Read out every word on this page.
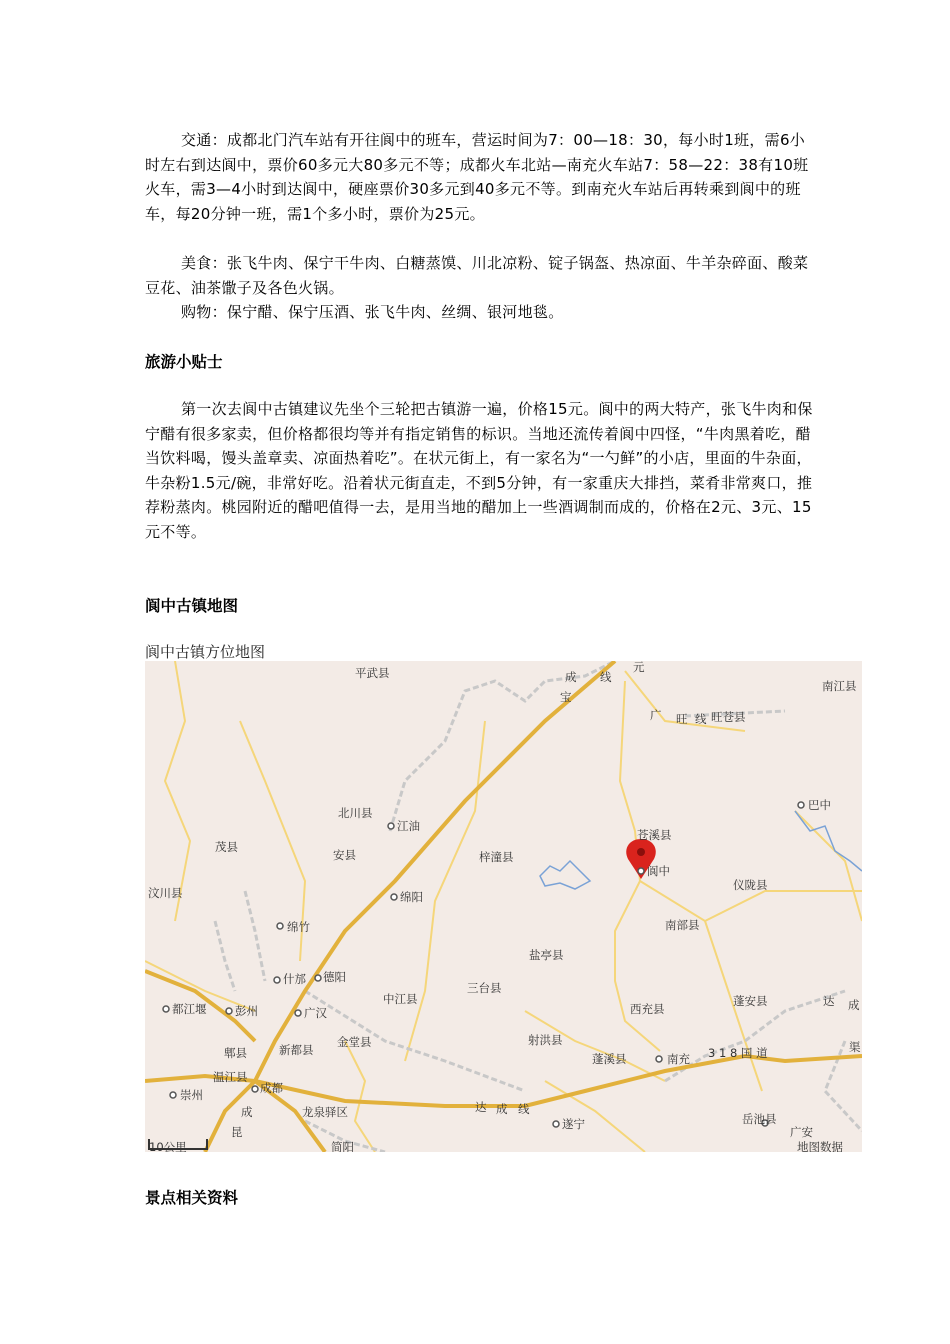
交通：成都北门汽车站有开往阆中的班车，营运时间为7：00—18：30，每小时1班，需6小时左右到达阆中，票价60多元大80多元不等；成都火车北站—南充火车站7：58—22：38有10班火车，需3—4小时到达阆中，硬座票价30多元到40多元不等。到南充火车站后再转乘到阆中的班车，每20分钟一班，需1个多小时，票价为25元。

美食：张飞牛肉、保宁干牛肉、白糖蒸馍、川北凉粉、锭子锅盔、热凉面、牛羊杂碎面、酸菜豆花、油茶馓子及各色火锅。

购物：保宁醋、保宁压酒、张飞牛肉、丝绸、银河地毯。

旅游小贴士

第一次去阆中古镇建议先坐个三轮把古镇游一遍，价格15元。阆中的两大特产，张飞牛肉和保宁醋有很多家卖，但价格都很均等并有指定销售的标识。当地还流传着阆中四怪，“牛肉黑着吃，醋当饮料喝，馒头盖章卖、凉面热着吃”。在状元街上，有一家名为“一勺鲜”的小店，里面的牛杂面，牛杂粉1.5元/碗，非常好吃。沿着状元街直走，不到5分钟，有一家重庆大排挡，菜肴非常爽口，推荐粉蒸肉。桃园附近的醋吧值得一去，是用当地的醋加上一些酒调制而成的，价格在2元、3元、15元不等。

阆中古镇地图

阆中古镇方位地图

平武县	成 线
宝
元
南江县
广 旺 线 旺苍县
北川县
江油
巴中
茂县
安县	梓潼县
苍溪县
阆中
仪陇县
汶川县	绵阳
绵竹	南部县
盐亭县
什邡 德阳
三台县
中江县
都江堰 彭州	广汉	西充县
蓬安县	达 成
金堂县
新都县
射洪县
郫县	3 1 8 国 道	渠
温江县
成都
蓬溪县	南充
崇州
成	龙泉驿区	达 成 线
遂宁	岳池县
广安
昆
简阳	地图数据
10公里
景点相关资料
